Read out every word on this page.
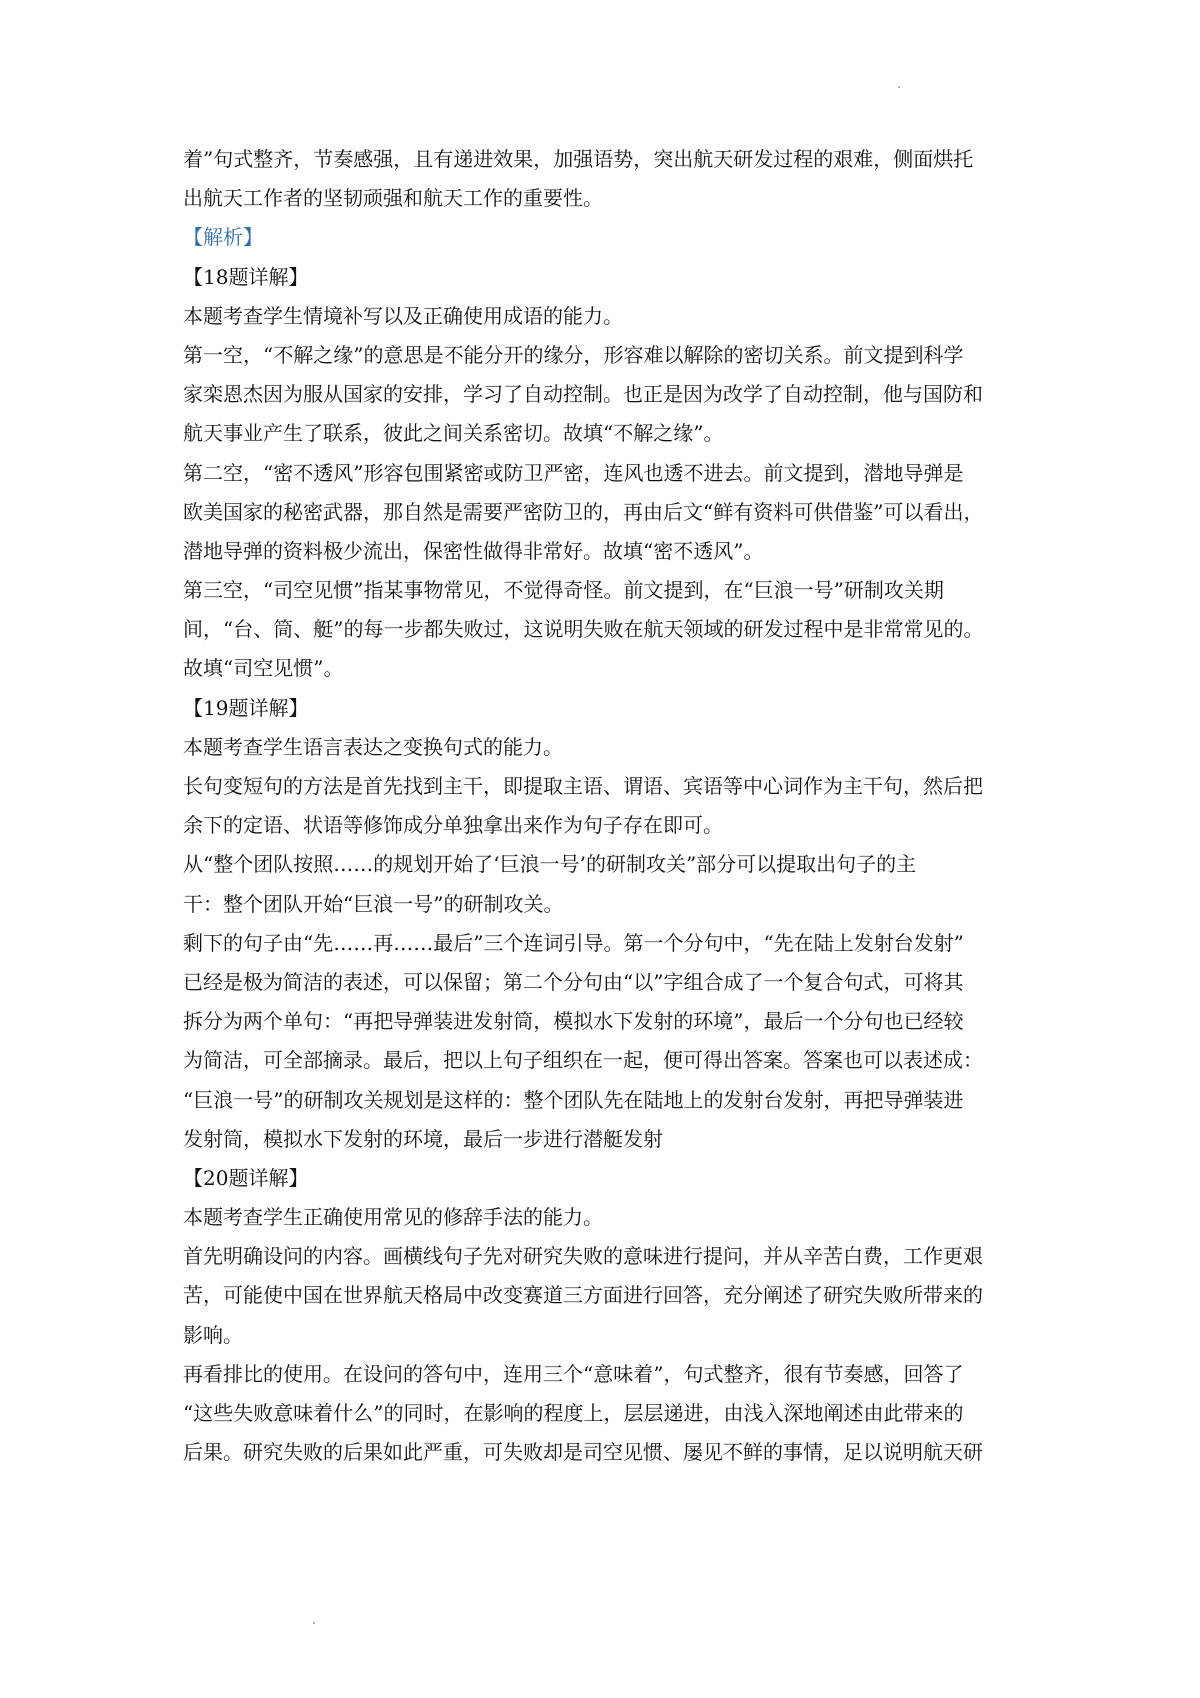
着”句式整齐，节奏感强，且有递进效果，加强语势，突出航天研发过程的艰难，侧面烘托
出航天工作者的坚韧顽强和航天工作的重要性。
【解析】
【18题详解】
本题考查学生情境补写以及正确使用成语的能力。
第一空，“不解之缘”的意思是不能分开的缘分，形容难以解除的密切关系。前文提到科学
家栾恩杰因为服从国家的安排，学习了自动控制。也正是因为改学了自动控制，他与国防和
航天事业产生了联系，彼此之间关系密切。故填“不解之缘”。
第二空，“密不透风”形容包围紧密或防卫严密，连风也透不进去。前文提到，潜地导弹是
欧美国家的秘密武器，那自然是需要严密防卫的，再由后文“鲜有资料可供借鉴”可以看出，
潜地导弹的资料极少流出，保密性做得非常好。故填“密不透风”。
第三空，“司空见惯”指某事物常见，不觉得奇怪。前文提到，在“巨浪一号”研制攻关期
间，“台、筒、艇”的每一步都失败过，这说明失败在航天领域的研发过程中是非常常见的。
故填“司空见惯”。
【19题详解】
本题考查学生语言表达之变换句式的能力。
长句变短句的方法是首先找到主干，即提取主语、谓语、宾语等中心词作为主干句，然后把
余下的定语、状语等修饰成分单独拿出来作为句子存在即可。
从“整个团队按照……的规划开始了‘巨浪一号’的研制攻关”部分可以提取出句子的主
干：整个团队开始“巨浪一号”的研制攻关。
剩下的句子由“先……再……最后”三个连词引导。第一个分句中，“先在陆上发射台发射”
已经是极为简洁的表述，可以保留；第二个分句由“以”字组合成了一个复合句式，可将其
拆分为两个单句：“再把导弹装进发射筒，模拟水下发射的环境”，最后一个分句也已经较
为简洁，可全部摘录。最后，把以上句子组织在一起，便可得出答案。答案也可以表述成：
“巨浪一号”的研制攻关规划是这样的：整个团队先在陆地上的发射台发射，再把导弹装进
发射筒，模拟水下发射的环境，最后一步进行潜艇发射
【20题详解】
本题考查学生正确使用常见的修辞手法的能力。
首先明确设问的内容。画横线句子先对研究失败的意味进行提问，并从辛苦白费，工作更艰
苦，可能使中国在世界航天格局中改变赛道三方面进行回答，充分阐述了研究失败所带来的
影响。
再看排比的使用。在设问的答句中，连用三个“意味着”，句式整齐，很有节奏感，回答了
“这些失败意味着什么”的同时，在影响的程度上，层层递进，由浅入深地阐述由此带来的
后果。研究失败的后果如此严重，可失败却是司空见惯、屡见不鲜的事情，足以说明航天研
